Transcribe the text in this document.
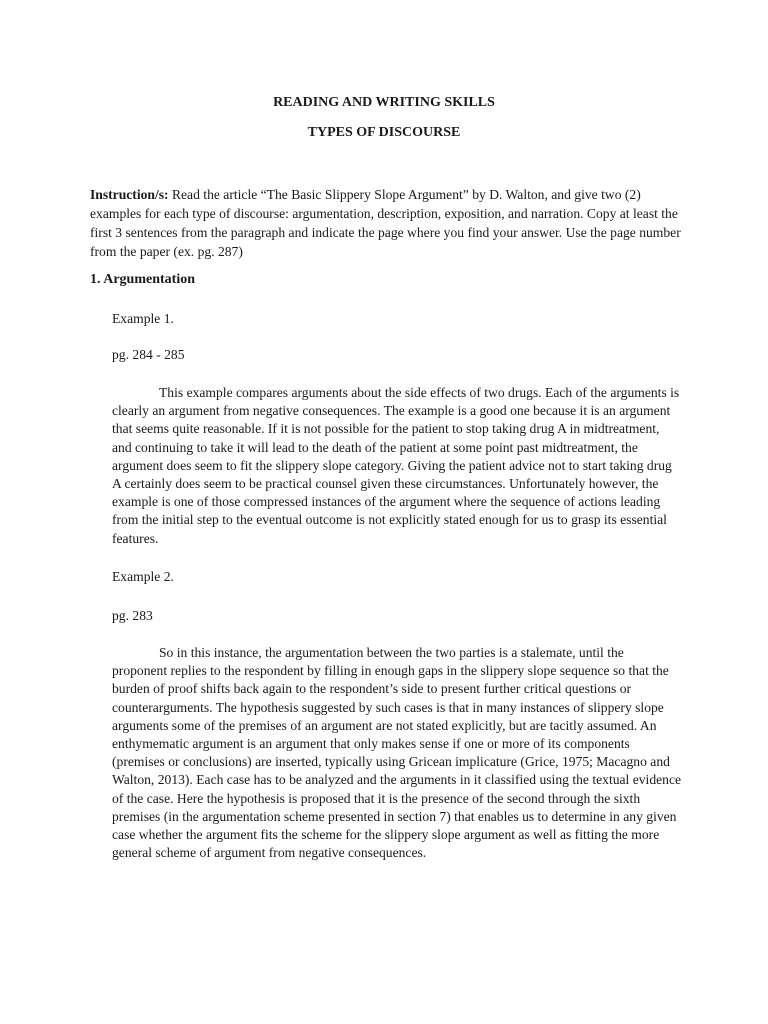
READING AND WRITING SKILLS
TYPES OF DISCOURSE

Instruction/s: Read the article “The Basic Slippery Slope Argument” by D. Walton, and give two (2) examples for each type of discourse: argumentation, description, exposition, and narration. Copy at least the first 3 sentences from the paragraph and indicate the page where you find your answer. Use the page number from the paper (ex. pg. 287)

1. Argumentation

Example 1.

pg. 284 - 285

This example compares arguments about the side effects of two drugs. Each of the arguments is clearly an argument from negative consequences. The example is a good one because it is an argument that seems quite reasonable. If it is not possible for the patient to stop taking drug A in midtreatment, and continuing to take it will lead to the death of the patient at some point past midtreatment, the argument does seem to fit the slippery slope category. Giving the patient advice not to start taking drug A certainly does seem to be practical counsel given these circumstances. Unfortunately however, the example is one of those compressed instances of the argument where the sequence of actions leading from the initial step to the eventual outcome is not explicitly stated enough for us to grasp its essential features.

Example 2.

pg. 283

So in this instance, the argumentation between the two parties is a stalemate, until the proponent replies to the respondent by filling in enough gaps in the slippery slope sequence so that the burden of proof shifts back again to the respondent’s side to present further critical questions or counterarguments. The hypothesis suggested by such cases is that in many instances of slippery slope arguments some of the premises of an argument are not stated explicitly, but are tacitly assumed. An enthymematic argument is an argument that only makes sense if one or more of its components (premises or conclusions) are inserted, typically using Gricean implicature (Grice, 1975; Macagno and Walton, 2013). Each case has to be analyzed and the arguments in it classified using the textual evidence of the case. Here the hypothesis is proposed that it is the presence of the second through the sixth premises (in the argumentation scheme presented in section 7) that enables us to determine in any given case whether the argument fits the scheme for the slippery slope argument as well as fitting the more general scheme of argument from negative consequences.
